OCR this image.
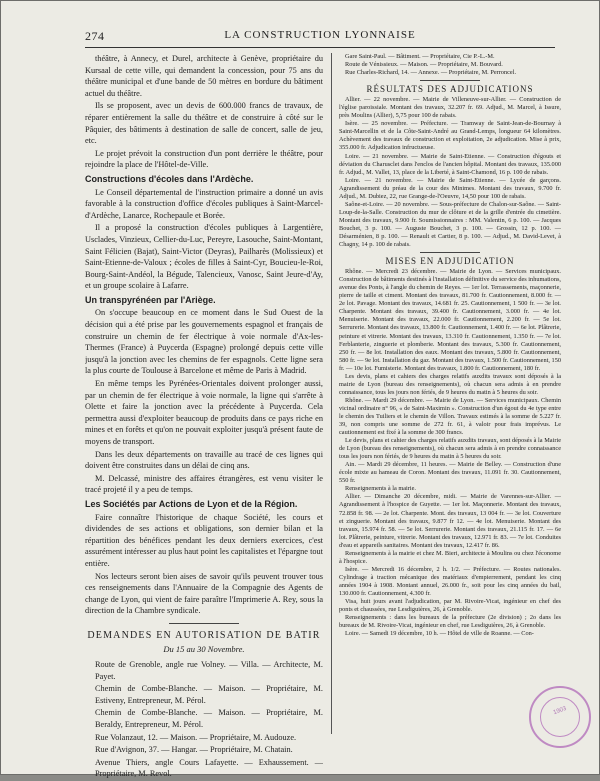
274	LA CONSTRUCTION LYONNAISE

théâtre, à Annecy, et Durel, architecte à Genève, propriétaire du Kursaal de cette ville, qui demandent la concession, pour 75 ans du théâtre municipal et d'une bande de 50 mètres en bordure du bâtiment actuel du théâtre.

Ils se proposent, avec un devis de 600.000 francs de travaux, de réparer entièrement la salle du théâtre et de construire à côté sur le Pâquier, des bâtiments à destination de salle de concert, salle de jeu, etc.

Le projet prévoit la construction d'un pont derrière le théâtre, pour rejoindre la place de l'Hôtel-de-Ville.

Constructions d'écoles dans l'Ardèche.

Le Conseil départemental de l'instruction primaire a donné un avis favorable à la construction d'office d'écoles publiques à Saint-Marcel-d'Ardèche, Lanarce, Rochepaule et Borée.

Il a proposé la construction d'écoles publiques à Largentière, Usclades, Vinzieux, Cellier-du-Luc, Pereyre, Lasouche, Saint-Montant, Saint Félicien (Bajat), Saint-Victor (Deyras), Pailharès (Molissieux) et Saint-Etienne-de-Valoux ; écoles de filles à Saint-Cyr, Boucieu-le-Roi, Bourg-Saint-Andéol, la Bégude, Talencieux, Vanosc, Saint Jeure-d'Ay, et un groupe scolaire à Lafarre.

Un transpyrénéen par l'Ariège.

On s'occupe beaucoup en ce moment dans le Sud Ouest de la décision qui a été prise par les gouvernements espagnol et français de construire un chemin de fer électrique à voie normale d'Ax-les-Thermes (France) à Puycerda (Espagne) prolongé depuis cette ville jusqu'à la jonction avec les chemins de fer espagnols. Cette ligne sera la plus courte de Toulouse à Barcelone et même de Paris à Madrid.

En même temps les Pyrénées-Orientales doivent prolonger aussi, par un chemin de fer électrique à voie normale, la ligne qui s'arrête à Olette et faire la jonction avec la précédente à Puycerda. Cela permettra aussi d'exploiter beaucoup de produits dans ce pays riche en mines et en forêts et qu'on ne pouvait exploiter jusqu'à présent faute de moyens de transport.

Dans les deux départements on travaille au tracé de ces lignes qui doivent être construites dans un délai de cinq ans.

M. Delcassé, ministre des affaires étrangères, est venu visiter le tracé projeté il y a peu de temps.

Les Sociétés par Actions de Lyon et de la Région.

Faire connaître l'historique de chaque Société, les cours et dividendes de ses actions et obligations, son dernier bilan et la répartition des bénéfices pendant les deux derniers exercices, c'est assurément intéresser au plus haut point les capitalistes et l'épargne tout entière.

Nos lecteurs seront bien aises de savoir qu'ils peuvent trouver tous ces renseignements dans l'Annuaire de la Compagnie des Agents de change de Lyon, qui vient de faire paraître l'Imprimerie A. Rey, sous la direction de la Chambre syndicale.

DEMANDES EN AUTORISATION DE BATIR
Du 15 au 30 Novembre.

Route de Grenoble, angle rue Volney. — Villa. — Architecte, M. Payet.

Chemin de Combe-Blanche. — Maison. — Propriétaire, M. Estiveny, Entrepreneur, M. Pérol.

Chemin de Combe-Blanche. — Maison. — Propriétaire, M. Beraldy, Entrepreneur, M. Pérol.

Rue Volanzaut, 12. — Maison. — Propriétaire, M. Audouze.

Rue d'Avignon, 37. — Hangar. — Propriétaire, M. Chatain.

Avenue Thiers, angle Cours Lafayette. — Exhaussement. — Propriétaire, M. Revol.

Gare Saint-Paul. — Bâtiment. — Propriétaire, Cie P.-L.-M.

Route de Vénissieux. — Maison. — Propriétaire, M. Bouvard.

Rue Charles-Richard, 14. — Annexe. — Propriétaire, M. Perroncel.

RÉSULTATS DES ADJUDICATIONS

Allier. — 22 novembre. — Mairie de Villeneuve-sur-Allier. — Construction de l'église paroissiale. Montant des travaux, 32.207 fr. 69. Adjud., M. Marcel, à Issure, près Moulins (Allier), 5,75 pour 100 de rabais.

Isère. — 25 novembre. — Préfecture. — Tramway de Saint-Jean-de-Bournay à Saint-Marcellin et de la Côte-Saint-André au Grand-Lemps, longueur 64 kilomètres. Achèvement des travaux de construction et exploitation, 2e adjudication. Mise à prix, 355.000 fr. Adjudication infructueuse.

Loire. — 21 novembre. — Mairie de Saint-Etienne. — Construction d'égouts et déviation du Charusclet dans l'enclos de l'ancien hôpital. Montant des travaux, 135.000 fr. Adjud., M. Vallet, 13, place de la Liberté, à Saint-Chamond, 16 p. 100 de rabais.

Loire. — 21 novembre. — Mairie de Saint-Etienne. — Lycée de garçons. Agrandissement du préau de la cour des Minimes. Montant des travaux, 9.700 fr. Adjud., M. Dubiez, 22, rue Grange-de-l'Oeuvre, 14,50 pour 100 de rabais.

Saône-et-Loire. — 20 novembre. — Sous-préfecture de Chalon-sur-Saône. — Saint-Loup-de-la-Salle. Construction du mur de clôture et de la grille d'entrée du cimetière. Montant des travaux, 9.900 fr. Soumissionnaires : MM. Valentin, 6 p. 100. — Jacques Bouchet, 3 p. 100. — Auguste Bouchet, 3 p. 100. — Grossin, 12 p. 100. — Désarménien, 8 p. 100. — Renault et Cartier, 8 p. 100. — Adjud., M. David-Levet, à Chagny, 14 p. 100 de rabais.

MISES EN ADJUDICATION

Rhône. — Mercredi 23 décembre. — Mairie de Lyon. — Services municipaux. Construction de bâtiments destinés à l'installation définitive du service des inhumations, avenue des Ponts, à l'angle du chemin de Reyes. — 1er lot. Terrassements, maçonnerie, pierre de taille et ciment. Montant des travaux, 81.700 fr. Cautionnement, 8.000 fr. — 2e lot. Pavage. Montant des travaux, 14.681 fr. 25. Cautionnement, 1 500 fr. — 3e lot. Charpente. Montant des travaux, 39.400 fr. Cautionnement, 3.000 fr. — 4e lot. Menuiserie. Montant des travaux, 22.000 fr. Cautionnement, 2.200 fr. — 5e lot. Serrurerie. Montant des travaux, 13.800 fr. Cautionnement, 1.400 fr. — 6e lot. Plâtrerie, peinture et vitrerie. Montant des travaux, 13.310 fr. Cautionnement, 1.350 fr. — 7e lot. Ferblanterie, zinguerie et plomberie. Montant des travaux, 5.300 fr. Cautionnement, 250 fr. — 8e lot. Installation des eaux. Montant des travaux, 5.800 fr. Cautionnement, 580 fr. — 9e lot. Installation du gaz. Montant des travaux, 1.500 fr. Cautionnement, 150 fr. — 10e lot. Fumisterie. Montant des travaux, 1.800 fr. Cautionnement, 180 fr.

Les devis, plans et cahiers des charges relatifs auxdits travaux sont déposés à la mairie de Lyon (bureau des renseignements), où chacun sera admis à en prendre connaissance, tous les jours non fériés, de 9 heures du matin à 5 heures du soir.

Rhône. — Mardi 29 décembre. — Mairie de Lyon. — Services municipaux. Chemin vicinal ordinaire n° 96, « de Saint-Maximin ». Construction d'un égout du 4e type entre le chemin des Tuiliers et le chemin de Villon. Travaux estimés à la somme de 5.227 fr. 39, non compris une somme de 272 fr. 61, à valoir pour frais imprévus. Le cautionnement est fixé à la somme de 300 francs.

Le devis, plans et cahier des charges relatifs auxdits travaux, sont déposés à la Mairie de Lyon (bureau des renseignements), où chacun sera admis à en prendre connaissance tous les jours non fériés, de 9 heures du matin à 5 heures du soir.

Ain. — Mardi 29 décembre, 11 heures. — Mairie de Belley. — Construction d'une école mixte au hameau de Coron. Montant des travaux, 11.091 fr. 30. Cautionnement, 550 fr.

Renseignements à la mairie.

Allier. — Dimanche 20 décembre, midi. — Mairie de Varennes-sur-Allier. — Agrandissement à l'hospice de Guyette. — 1er lot. Maçonnerie. Montant des travaux, 72.858 fr. 98. — 2e lot. Charpente. Mont. des travaux, 13 004 fr. — 3e lot. Couverture et zinguerie. Montant des travaux, 9.877 fr 12. — 4e lot. Menuiserie. Montant des travaux, 15.974 fr. 58. — 5e lot. Serrurerie. Montant des travaux, 21.115 fr. 17. — 6e lot. Plâtrerie, peinture, vitrerie. Montant des travaux, 12.971 fr. 83. — 7e lot. Conduites d'eau et appareils sanitaires. Montant des travaux, 12.417 fr. 86.

Renseignements à la mairie et chez M. Bieri, architecte à Moulins ou chez l'économe à l'hospice.

Isère. — Mercredi 16 décembre, 2 h. 1/2. — Préfecture. — Routes nationales. Cylindrage à traction mécanique des matériaux d'empierrement, pendant les cinq années 1904 à 1908. Montant annuel, 26.000 fr., soit pour les cinq années du bail, 130.000 fr. Cautionnement, 4.300 fr.

Visa, huit jours avant l'adjudication, par M. Rivoire-Vicat, ingénieur en chef des ponts et chaussées, rue Lesdiguières, 26, à Grenoble.

Renseignements : dans les bureaux de la préfecture (2e division) ; 2o dans les bureaux de M. Rivoire-Vicat, ingénieur en chef, rue Lesdiguières, 26, à Grenoble.

Loire. — Samedi 19 décembre, 10 h. — Hôtel de ville de Roanne. — Con-

1903
